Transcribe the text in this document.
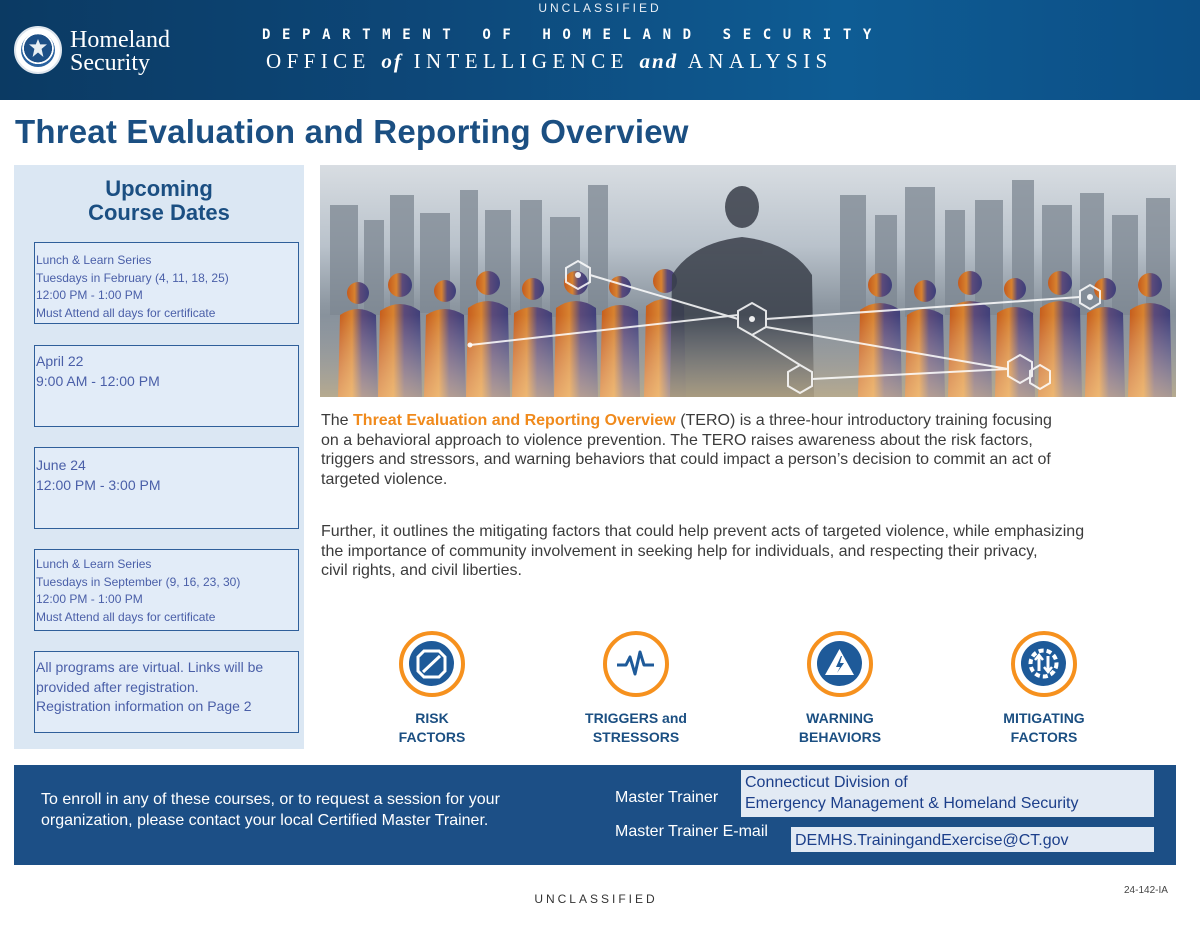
UNCLASSIFIED
Homeland
Security
DEPARTMENT OF HOMELAND SECURITY
OFFICE of INTELLIGENCE and ANALYSIS
Threat Evaluation and Reporting Overview
Upcoming
Course Dates
Lunch & Learn Series
Tuesdays in February (4, 11, 18, 25)
12:00 PM - 1:00 PM
Must Attend all days for certificate
April 22
9:00 AM - 12:00 PM
June 24
12:00 PM - 3:00 PM
Lunch & Learn Series
Tuesdays in September (9, 16, 23, 30)
12:00 PM - 1:00 PM
Must Attend all days for certificate
All programs are virtual. Links will be
provided after registration.
Registration information on Page 2
The Threat Evaluation and Reporting Overview (TERO) is a three-hour introductory training focusing
on a behavioral approach to violence prevention. The TERO raises awareness about the risk factors,
triggers and stressors, and warning behaviors that could impact a person’s decision to commit an act of
targeted violence.
Further, it outlines the mitigating factors that could help prevent acts of targeted violence, while emphasizing
the importance of community involvement in seeking help for individuals, and respecting their privacy,
civil rights, and civil liberties.
RISK
FACTORS
TRIGGERS and
STRESSORS
WARNING
BEHAVIORS
MITIGATING
FACTORS
To enroll in any of these courses, or to request a session for your
organization, please contact your local Certified Master Trainer.
Master Trainer
Connecticut Division of
Emergency Management & Homeland Security
Master Trainer E-mail
DEMHS.TrainingandExercise@CT.gov
UNCLASSIFIED
24-142-IA
